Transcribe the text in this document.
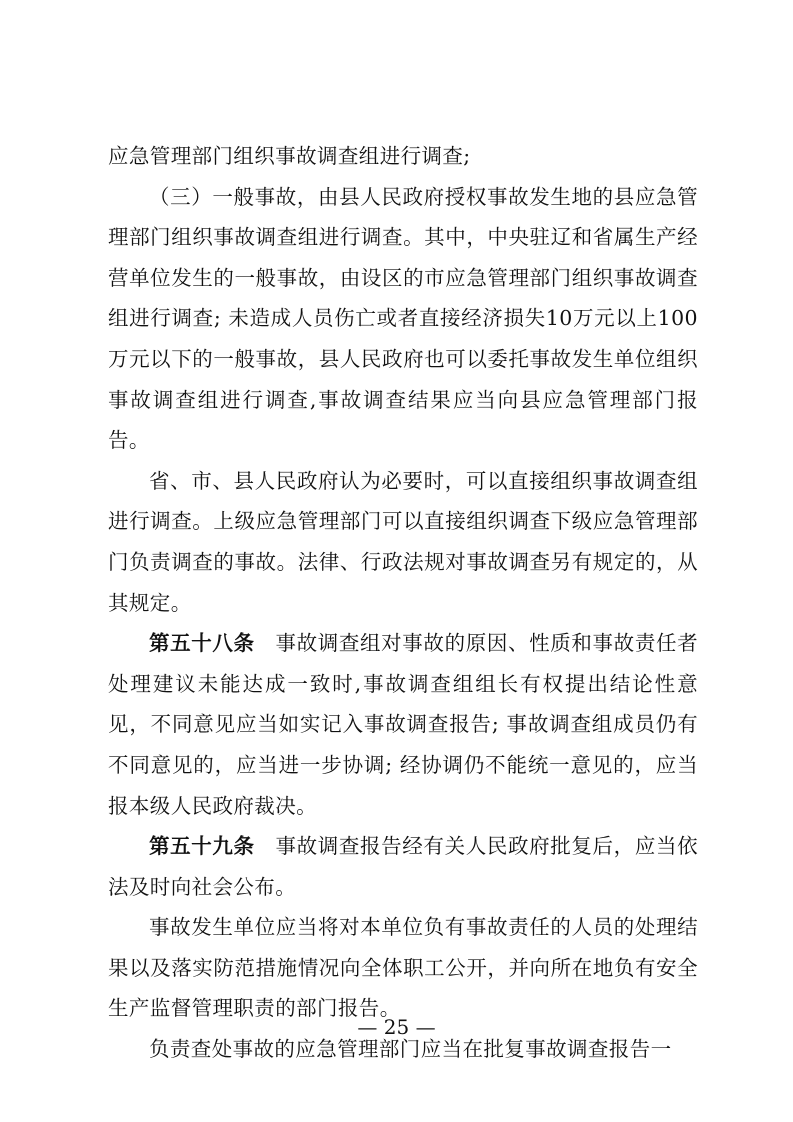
应急管理部门组织事故调查组进行调查;

（三）一般事故，由县人民政府授权事故发生地的县应急管理部门组织事故调查组进行调查。其中，中央驻辽和省属生产经营单位发生的一般事故，由设区的市应急管理部门组织事故调查组进行调查; 未造成人员伤亡或者直接经济损失10万元以上100万元以下的一般事故，县人民政府也可以委托事故发生单位组织事故调查组进行调查,事故调查结果应当向县应急管理部门报告。

省、市、县人民政府认为必要时，可以直接组织事故调查组进行调查。上级应急管理部门可以直接组织调查下级应急管理部门负责调查的事故。法律、行政法规对事故调查另有规定的，从其规定。

第五十八条 事故调查组对事故的原因、性质和事故责任者处理建议未能达成一致时,事故调查组组长有权提出结论性意见，不同意见应当如实记入事故调查报告; 事故调查组成员仍有不同意见的，应当进一步协调; 经协调仍不能统一意见的，应当报本级人民政府裁决。

第五十九条 事故调查报告经有关人民政府批复后，应当依法及时向社会公布。

事故发生单位应当将对本单位负有事故责任的人员的处理结果以及落实防范措施情况向全体职工公开，并向所在地负有安全生产监督管理职责的部门报告。

负责查处事故的应急管理部门应当在批复事故调查报告一

— 25 —
